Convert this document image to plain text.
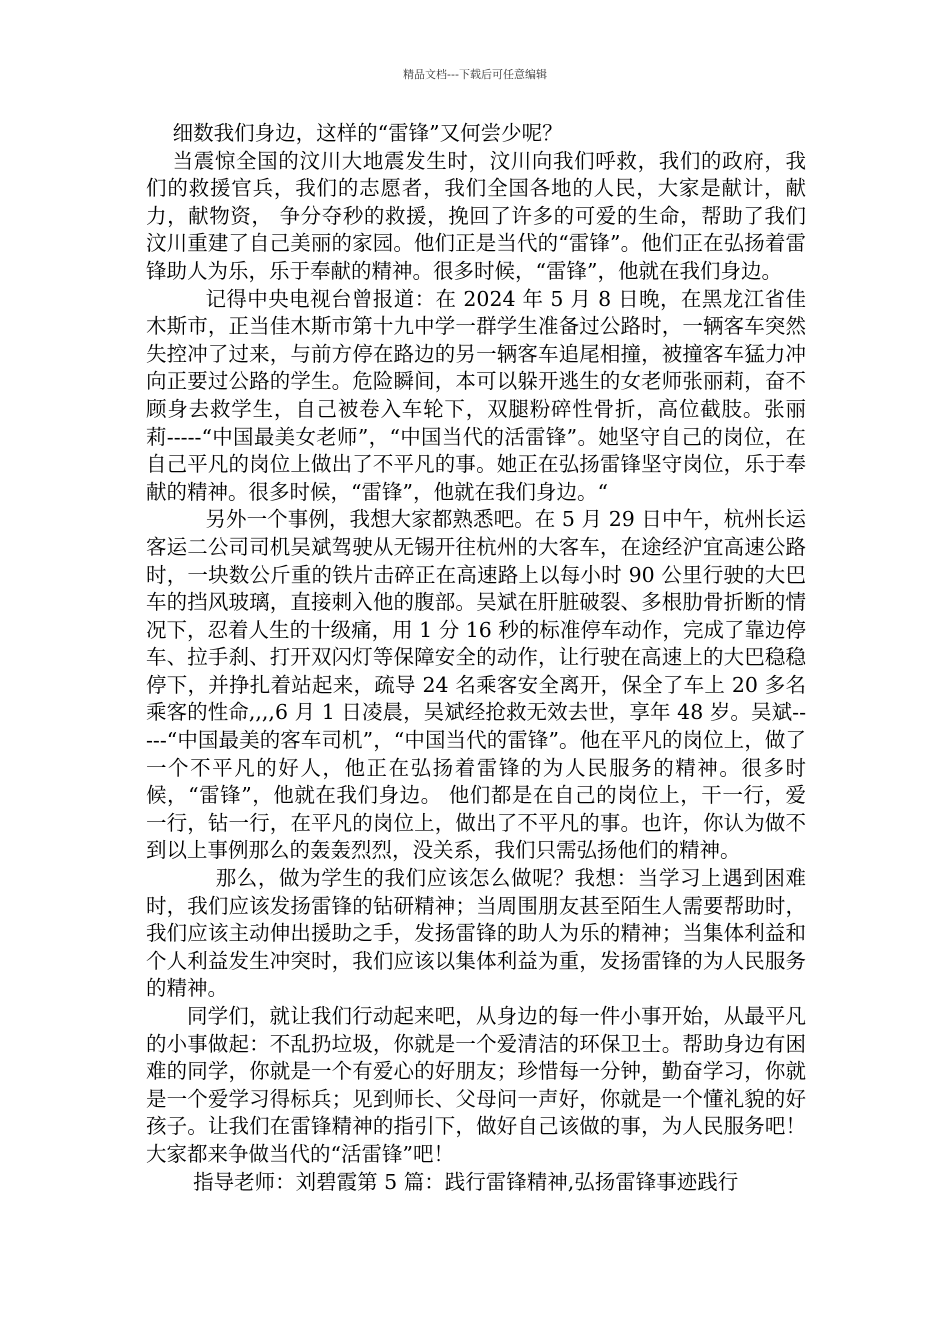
精品文档---下载后可任意编辑

细数我们身边，这样的“雷锋”又何尝少呢？

当震惊全国的汶川大地震发生时，汶川向我们呼救，我们的政府，我们的救援官兵，我们的志愿者，我们全国各地的人民，大家是献计，献力，献物资， 争分夺秒的救援，挽回了许多的可爱的生命，帮助了我们汶川重建了自己美丽的家园。他们正是当代的“雷锋”。他们正在弘扬着雷锋助人为乐，乐于奉献的精神。很多时候，“雷锋”，他就在我们身边。

记得中央电视台曾报道：在 2024 年 5 月 8 日晚，在黑龙江省佳木斯市，正当佳木斯市第十九中学一群学生准备过公路时，一辆客车突然失控冲了过来，与前方停在路边的另一辆客车追尾相撞，被撞客车猛力冲向正要过公路的学生。危险瞬间，本可以躲开逃生的女老师张丽莉，奋不顾身去救学生，自己被卷入车轮下，双腿粉碎性骨折，高位截肢。张丽莉-----“中国最美女老师”，“中国当代的活雷锋”。她坚守自己的岗位，在自己平凡的岗位上做出了不平凡的事。她正在弘扬雷锋坚守岗位，乐于奉献的精神。很多时候，“雷锋”，他就在我们身边。“

另外一个事例，我想大家都熟悉吧。在 5 月 29 日中午，杭州长运客运二公司司机吴斌驾驶从无锡开往杭州的大客车，在途经沪宜高速公路时，一块数公斤重的铁片击碎正在高速路上以每小时 90 公里行驶的大巴车的挡风玻璃，直接刺入他的腹部。吴斌在肝脏破裂、多根肋骨折断的情况下，忍着人生的十级痛，用 1 分 16 秒的标准停车动作，完成了靠边停车、拉手刹、打开双闪灯等保障安全的动作，让行驶在高速上的大巴稳稳停下，并挣扎着站起来，疏导 24 名乘客安全离开，保全了车上 20 多名乘客的性命,,,,6 月 1 日凌晨，吴斌经抢救无效去世，享年 48 岁。吴斌-----“中国最美的客车司机”，“中国当代的雷锋”。他在平凡的岗位上，做了一个不平凡的好人，他正在弘扬着雷锋的为人民服务的精神。很多时候，“雷锋”，他就在我们身边。 他们都是在自己的岗位上，干一行，爱一行，钻一行，在平凡的岗位上，做出了不平凡的事。也许，你认为做不到以上事例那么的轰轰烈烈，没关系，我们只需弘扬他们的精神。

那么，做为学生的我们应该怎么做呢？我想：当学习上遇到困难时，我们应该发扬雷锋的钻研精神；当周围朋友甚至陌生人需要帮助时，我们应该主动伸出援助之手，发扬雷锋的助人为乐的精神；当集体利益和个人利益发生冲突时，我们应该以集体利益为重，发扬雷锋的为人民服务的精神。

同学们，就让我们行动起来吧，从身边的每一件小事开始，从最平凡的小事做起：不乱扔垃圾，你就是一个爱清洁的环保卫士。帮助身边有困难的同学，你就是一个有爱心的好朋友；珍惜每一分钟，勤奋学习，你就是一个爱学习得标兵；见到师长、父母问一声好，你就是一个懂礼貌的好孩子。让我们在雷锋精神的指引下，做好自己该做的事，为人民服务吧！大家都来争做当代的“活雷锋”吧！

指导老师：刘碧霞第 5 篇：践行雷锋精神,弘扬雷锋事迹践行
